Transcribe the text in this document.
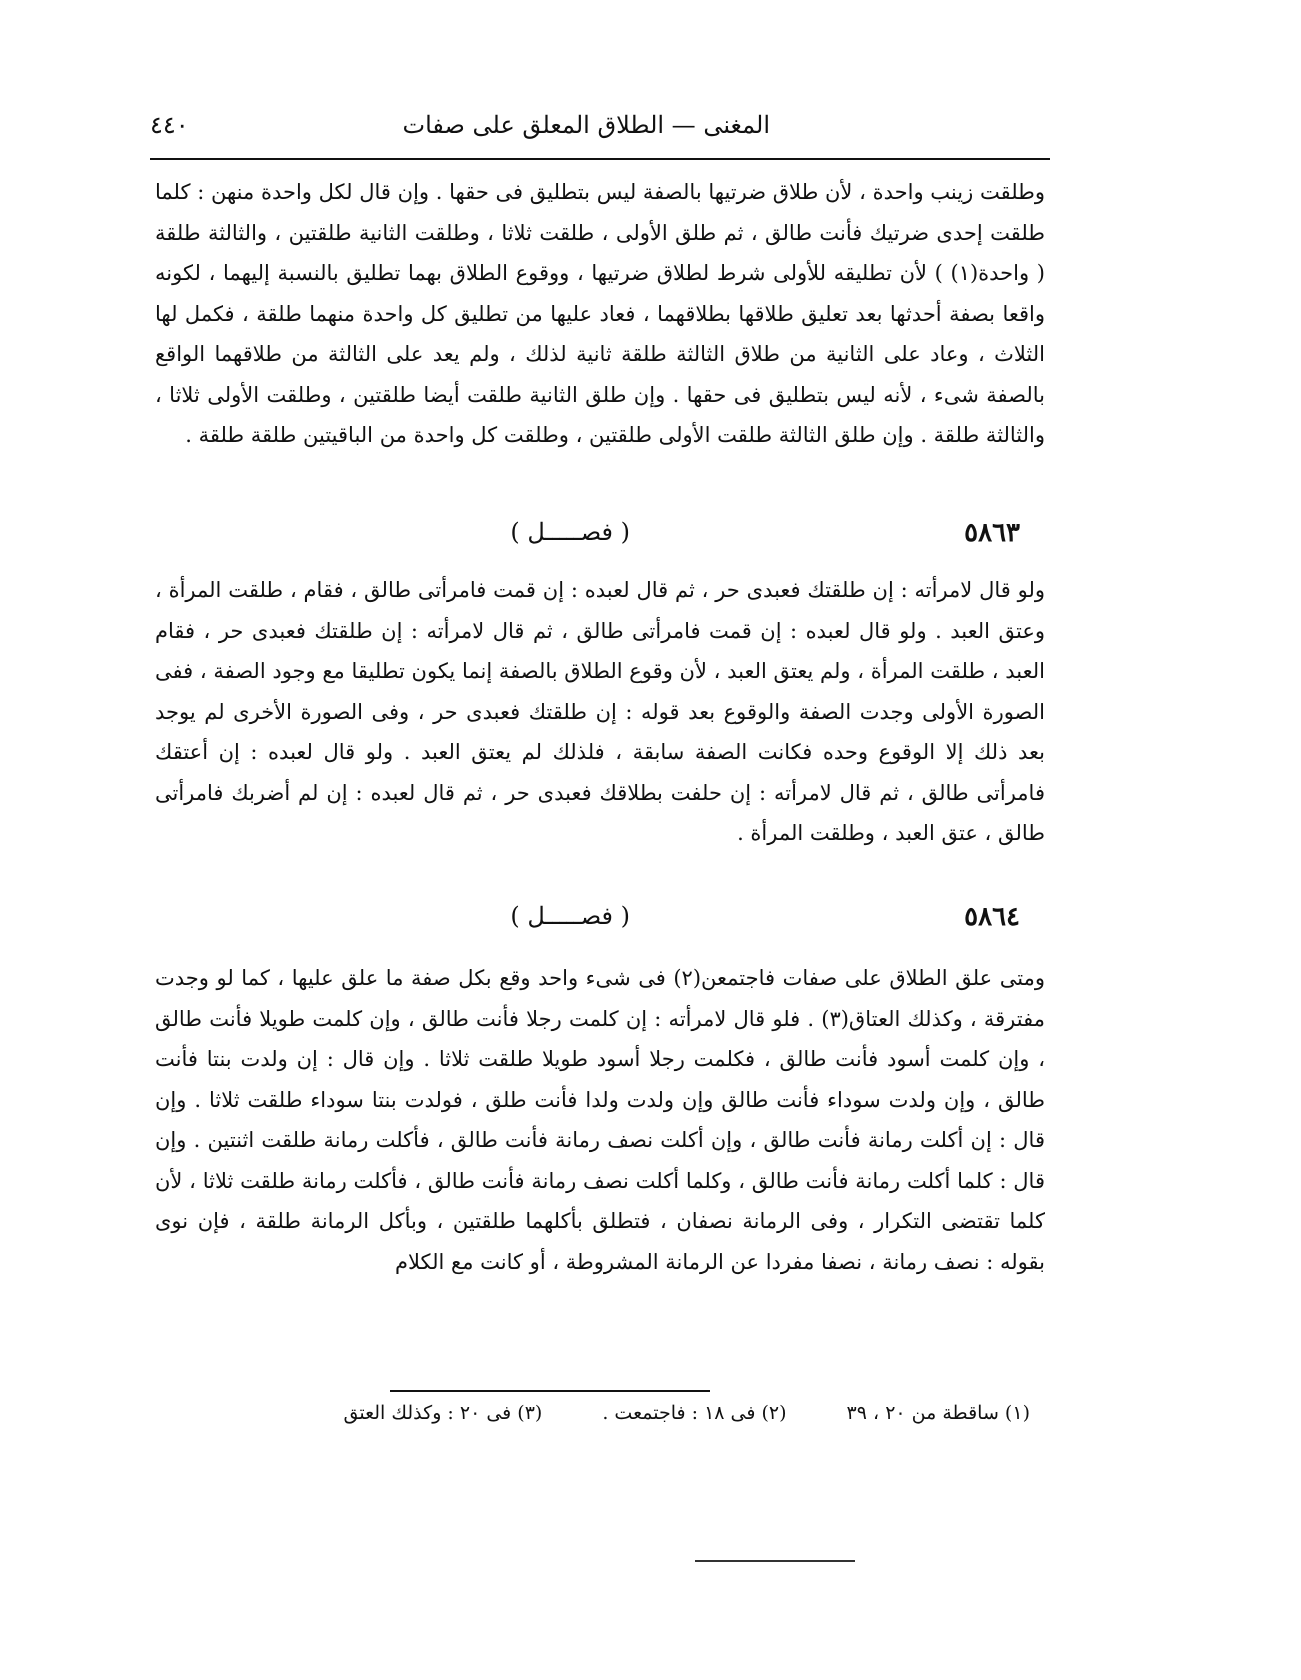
المغنى — الطلاق المعلق على صفات
٤٤٠

وطلقت زينب واحدة ، لأن طلاق ضرتيها بالصفة ليس بتطليق فى حقها . وإن قال لكل واحدة منهن : كلما طلقت إحدى ضرتيك فأنت طالق ، ثم طلق الأولى ، طلقت ثلاثا ، وطلقت الثانية طلقتين ، والثالثة طلقة ( واحدة(١) ) لأن تطليقه للأولى شرط لطلاق ضرتيها ، ووقوع الطلاق بهما تطليق بالنسبة إليهما ، لكونه واقعا بصفة أحدثها بعد تعليق طلاقها بطلاقهما ، فعاد عليها من تطليق كل واحدة منهما طلقة ، فكمل لها الثلاث ، وعاد على الثانية من طلاق الثالثة طلقة ثانية لذلك ، ولم يعد على الثالثة من طلاقهما الواقع بالصفة شىء ، لأنه ليس بتطليق فى حقها . وإن طلق الثانية طلقت أيضا طلقتين ، وطلقت الأولى ثلاثا ، والثالثة طلقة . وإن طلق الثالثة طلقت الأولى طلقتين ، وطلقت كل واحدة من الباقيتين طلقة طلقة .

٥٨٦٣
( فصـــــل )

ولو قال لامرأته : إن طلقتك فعبدى حر ، ثم قال لعبده : إن قمت فامرأتى طالق ، فقام ، طلقت المرأة ، وعتق العبد . ولو قال لعبده : إن قمت فامرأتى طالق ، ثم قال لامرأته : إن طلقتك فعبدى حر ، فقام العبد ، طلقت المرأة ، ولم يعتق العبد ، لأن وقوع الطلاق بالصفة إنما يكون تطليقا مع وجود الصفة ، ففى الصورة الأولى وجدت الصفة والوقوع بعد قوله : إن طلقتك فعبدى حر ، وفى الصورة الأخرى لم يوجد بعد ذلك إلا الوقوع وحده فكانت الصفة سابقة ، فلذلك لم يعتق العبد . ولو قال لعبده : إن أعتقك فامرأتى طالق ، ثم قال لامرأته : إن حلفت بطلاقك فعبدى حر ، ثم قال لعبده : إن لم أضربك فامرأتى طالق ، عتق العبد ، وطلقت المرأة .

٥٨٦٤
( فصـــــل )

ومتى علق الطلاق على صفات فاجتمعن(٢) فى شىء واحد وقع بكل صفة ما علق عليها ، كما لو وجدت مفترقة ، وكذلك العتاق(٣) . فلو قال لامرأته : إن كلمت رجلا فأنت طالق ، وإن كلمت طويلا فأنت طالق ، وإن كلمت أسود فأنت طالق ، فكلمت رجلا أسود طويلا طلقت ثلاثا . وإن قال : إن ولدت بنتا فأنت طالق ، وإن ولدت سوداء فأنت طالق وإن ولدت ولدا فأنت طلق ، فولدت بنتا سوداء طلقت ثلاثا . وإن قال : إن أكلت رمانة فأنت طالق ، وإن أكلت نصف رمانة فأنت طالق ، فأكلت رمانة طلقت اثنتين . وإن قال : كلما أكلت رمانة فأنت طالق ، وكلما أكلت نصف رمانة فأنت طالق ، فأكلت رمانة طلقت ثلاثا ، لأن كلما تقتضى التكرار ، وفى الرمانة نصفان ، فتطلق بأكلهما طلقتين ، وبأكل الرمانة طلقة ، فإن نوى بقوله : نصف رمانة ، نصفا مفردا عن الرمانة المشروطة ، أو كانت مع الكلام

(١) ساقطة من ٢٠ ، ٣٩
(٢) فى ١٨ : فاجتمعت .
(٣) فى ٢٠ : وكذلك العتق
